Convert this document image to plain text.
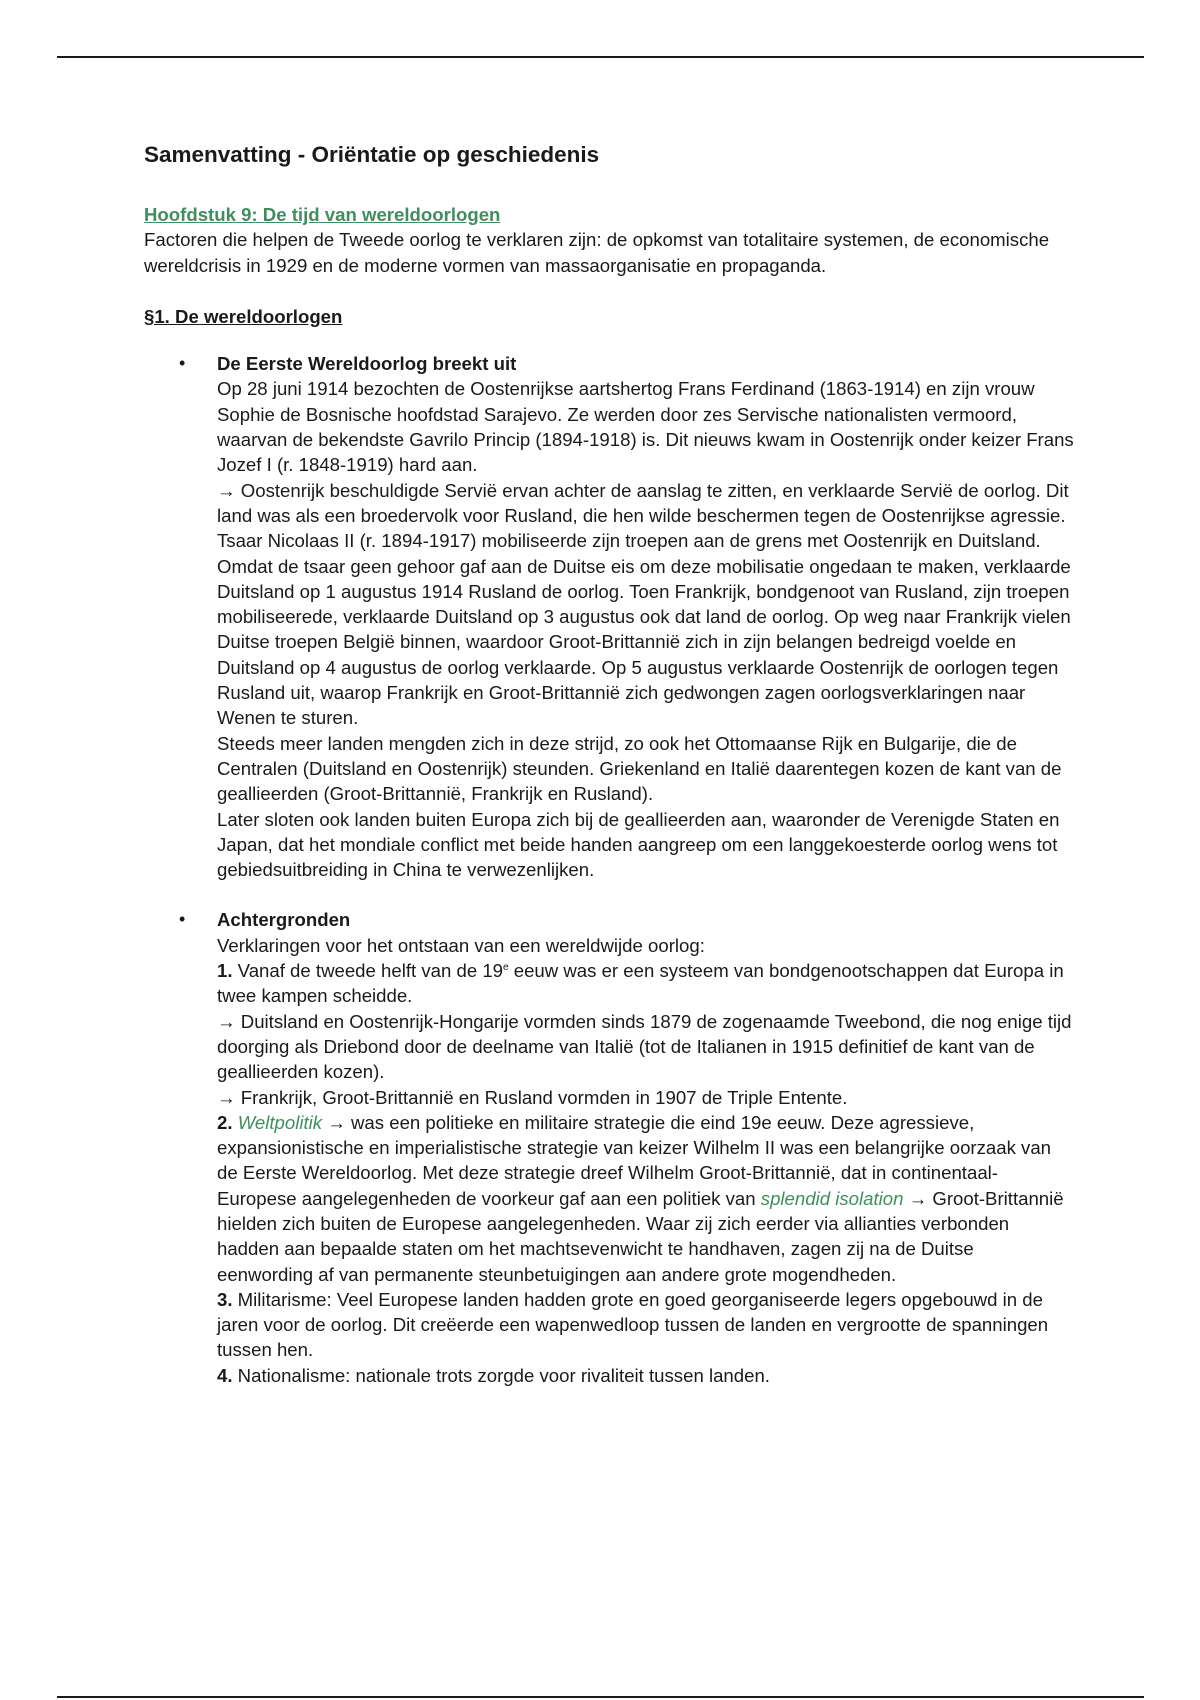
Samenvatting - Oriëntatie op geschiedenis
Hoofdstuk 9: De tijd van wereldoorlogen

Factoren die helpen de Tweede oorlog te verklaren zijn: de opkomst van totalitaire systemen, de economische wereldcrisis in 1929 en de moderne vormen van massaorganisatie en propaganda.

§1. De wereldoorlogen
• De Eerste Wereldoorlog breekt uit
Op 28 juni 1914 bezochten de Oostenrijkse aartshertog Frans Ferdinand (1863-1914) en zijn vrouw Sophie de Bosnische hoofdstad Sarajevo. Ze werden door zes Servische nationalisten vermoord, waarvan de bekendste Gavrilo Princip (1894-1918) is. Dit nieuws kwam in Oostenrijk onder keizer Frans Jozef I (r. 1848-1919) hard aan.
→ Oostenrijk beschuldigde Servië ervan achter de aanslag te zitten, en verklaarde Servië de oorlog. Dit land was als een broedervolk voor Rusland, die hen wilde beschermen tegen de Oostenrijkse agressie. Tsaar Nicolaas II (r. 1894-1917) mobiliseerde zijn troepen aan de grens met Oostenrijk en Duitsland. Omdat de tsaar geen gehoor gaf aan de Duitse eis om deze mobilisatie ongedaan te maken, verklaarde Duitsland op 1 augustus 1914 Rusland de oorlog. Toen Frankrijk, bondgenoot van Rusland, zijn troepen mobiliseerede, verklaarde Duitsland op 3 augustus ook dat land de oorlog. Op weg naar Frankrijk vielen Duitse troepen België binnen, waardoor Groot-Brittannië zich in zijn belangen bedreigd voelde en Duitsland op 4 augustus de oorlog verklaarde. Op 5 augustus verklaarde Oostenrijk de oorlogen tegen Rusland uit, waarop Frankrijk en Groot-Brittannië zich gedwongen zagen oorlogsverklaringen naar Wenen te sturen.
Steeds meer landen mengden zich in deze strijd, zo ook het Ottomaanse Rijk en Bulgarije, die de Centralen (Duitsland en Oostenrijk) steunden. Griekenland en Italië daarentegen kozen de kant van de geallieerden (Groot-Brittannië, Frankrijk en Rusland).
Later sloten ook landen buiten Europa zich bij de geallieerden aan, waaronder de Verenigde Staten en Japan, dat het mondiale conflict met beide handen aangreep om een langgekoesterde oorlog wens tot gebiedsuitbreiding in China te verwezenlijken.
• Achtergronden
Verklaringen voor het ontstaan van een wereldwijde oorlog:
1. Vanaf de tweede helft van de 19e eeuw was er een systeem van bondgenootschappen dat Europa in twee kampen scheidde.
→ Duitsland en Oostenrijk-Hongarije vormden sinds 1879 de zogenaamde Tweebond, die nog enige tijd doorging als Driebond door de deelname van Italië (tot de Italianen in 1915 definitief de kant van de geallieerden kozen).
→ Frankrijk, Groot-Brittannië en Rusland vormden in 1907 de Triple Entente.
2. Weltpolitik → was een politieke en militaire strategie die eind 19e eeuw. Deze agressieve, expansionistische en imperialistische strategie van keizer Wilhelm II was een belangrijke oorzaak van de Eerste Wereldoorlog. Met deze strategie dreef Wilhelm Groot-Brittannië, dat in continentaal-Europese aangelegenheden de voorkeur gaf aan een politiek van splendid isolation → Groot-Brittannië hielden zich buiten de Europese aangelegenheden. Waar zij zich eerder via allianties verbonden hadden aan bepaalde staten om het machtsevenwicht te handhaven, zagen zij na de Duitse eenwording af van permanente steunbetuigingen aan andere grote mogendheden.
3. Militarisme: Veel Europese landen hadden grote en goed georganiseerde legers opgebouwd in de jaren voor de oorlog. Dit creëerde een wapenwedloop tussen de landen en vergrootte de spanningen tussen hen.
4. Nationalisme: nationale trots zorgde voor rivaliteit tussen landen.
